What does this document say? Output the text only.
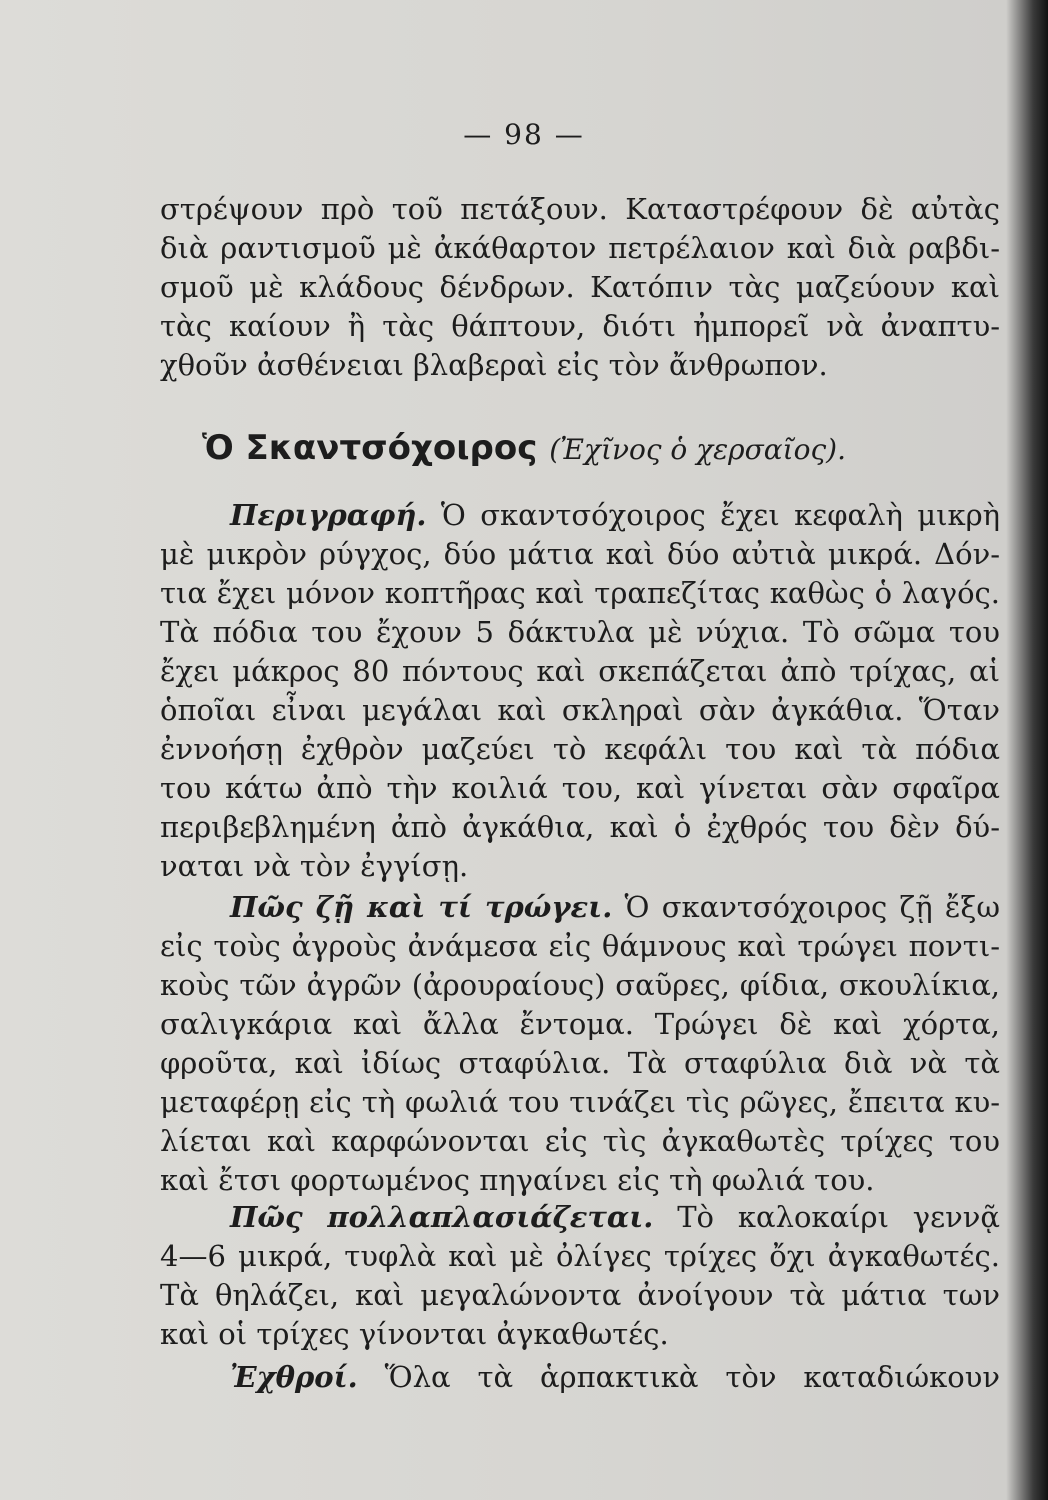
— 98 —
στρέψουν πρὸ τοῦ πετάξουν. Καταστρέφουν δὲ αὐτὰς
διὰ ραντισμοῦ μὲ ἀκάθαρτον πετρέλαιον καὶ διὰ ραβδι-
σμοῦ μὲ κλάδους δένδρων. Κατόπιν τὰς μαζεύουν καὶ
τὰς καίουν ἢ τὰς θάπτουν, διότι ἠμπορεῖ νὰ ἀναπτυ-
χθοῦν ἀσθένειαι βλαβεραὶ εἰς τὸν ἄνθρωπον.
Ὁ Σκαντσόχοιρος (Ἐχῖνος ὁ χερσαῖος).
Περιγραφή. Ὁ σκαντσόχοιρος ἔχει κεφαλὴ μικρὴ
μὲ μικρὸν ρύγχος, δύο μάτια καὶ δύο αὐτιὰ μικρά. Δόν-
τια ἔχει μόνον κοπτῆρας καὶ τραπεζίτας καθὼς ὁ λαγός.
Τὰ πόδια του ἔχουν 5 δάκτυλα μὲ νύχια. Τὸ σῶμα του
ἔχει μάκρος 80 πόντους καὶ σκεπάζεται ἀπὸ τρίχας, αἱ
ὁποῖαι εἶναι μεγάλαι καὶ σκληραὶ σὰν ἀγκάθια. Ὅταν
ἐννοήσῃ ἐχθρὸν μαζεύει τὸ κεφάλι του καὶ τὰ πόδια
του κάτω ἀπὸ τὴν κοιλιά του, καὶ γίνεται σὰν σφαῖρα
περιβεβλημένη ἀπὸ ἀγκάθια, καὶ ὁ ἐχθρός του δὲν δύ-
ναται νὰ τὸν ἐγγίσῃ.
Πῶς ζῇ καὶ τί τρώγει. Ὁ σκαντσόχοιρος ζῇ ἔξω
εἰς τοὺς ἀγροὺς ἀνάμεσα εἰς θάμνους καὶ τρώγει ποντι-
κοὺς τῶν ἀγρῶν (ἀρουραίους) σαῦρες, φίδια, σκουλίκια,
σαλιγκάρια καὶ ἄλλα ἔντομα. Τρώγει δὲ καὶ χόρτα,
φροῦτα, καὶ ἰδίως σταφύλια. Τὰ σταφύλια διὰ νὰ τὰ
μεταφέρῃ εἰς τὴ φωλιά του τινάζει τὶς ρῶγες, ἔπειτα κυ-
λίεται καὶ καρφώνονται εἰς τὶς ἀγκαθωτὲς τρίχες του
καὶ ἔτσι φορτωμένος πηγαίνει εἰς τὴ φωλιά του.
Πῶς πολλαπλασιάζεται. Τὸ καλοκαίρι γεννᾷ
4—6 μικρά, τυφλὰ καὶ μὲ ὀλίγες τρίχες ὄχι ἀγκαθωτές.
Τὰ θηλάζει, καὶ μεγαλώνοντα ἀνοίγουν τὰ μάτια των
καὶ οἱ τρίχες γίνονται ἀγκαθωτές.
Ἐχθροί. Ὅλα τὰ ἁρπακτικὰ τὸν καταδιώκουν
